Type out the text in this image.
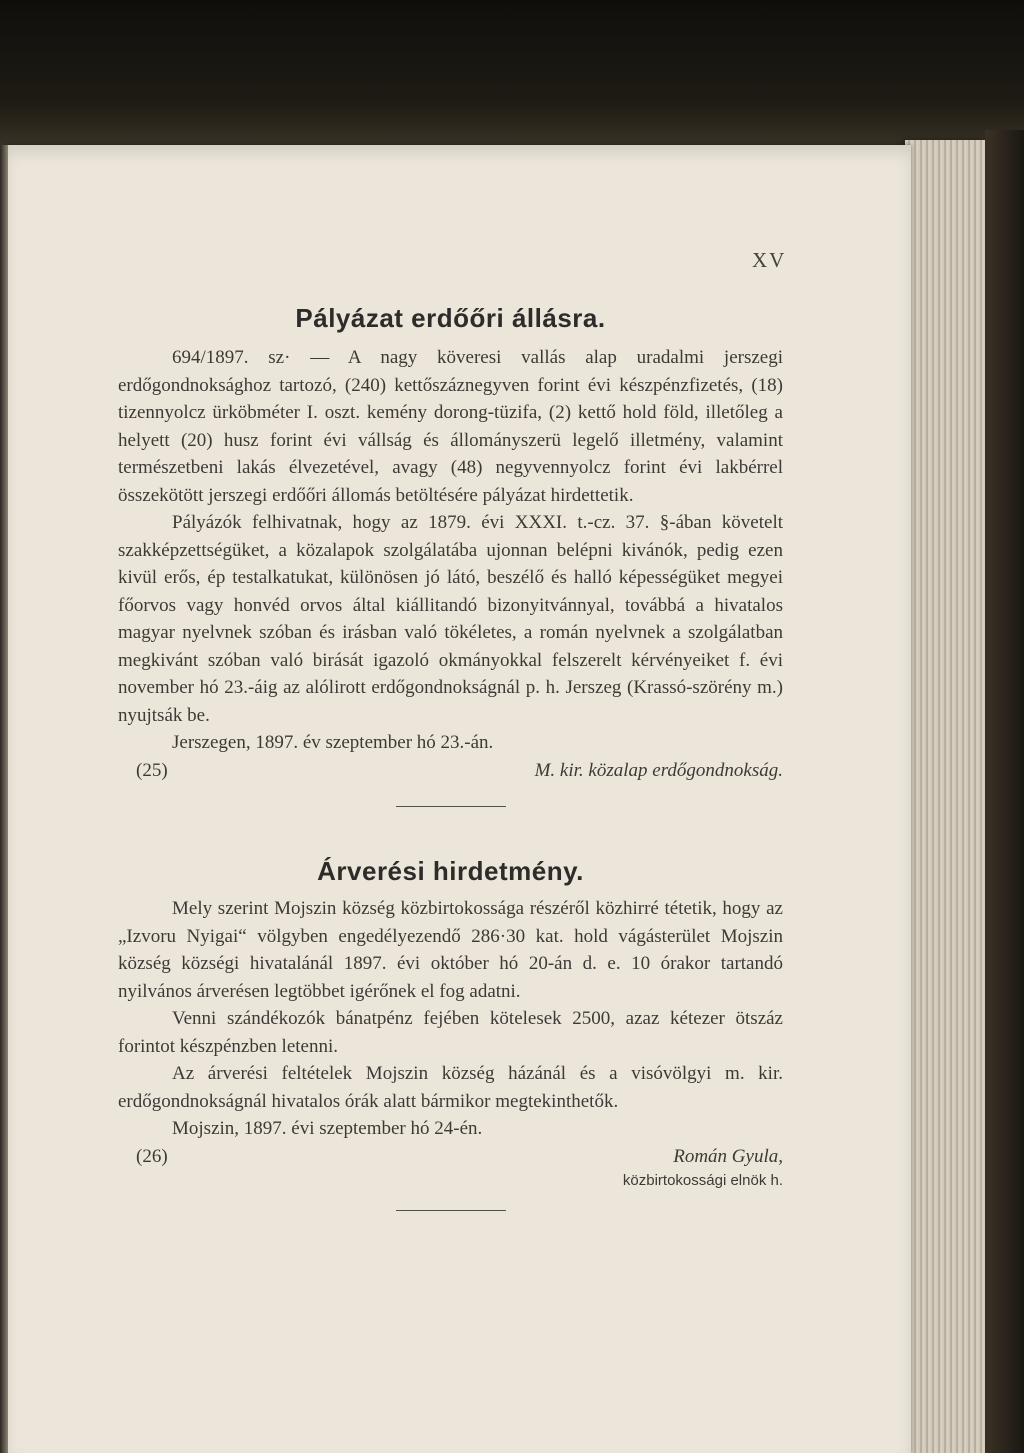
XV
Pályázat erdőőri állásra.

694/1897. sz· — A nagy köveresi vallás alap uradalmi jerszegi erdőgondnoksághoz tartozó, (240) kettőszáznegyven forint évi készpénzfizetés, (18) tizennyolcz ürköbméter I. oszt. kemény dorong-tüzifa, (2) kettő hold föld, illetőleg a helyett (20) husz forint évi vállság és állományszerü legelő illetmény, valamint természetbeni lakás élvezetével, avagy (48) negyvennyolcz forint évi lakbérrel összekötött jerszegi erdőőri állomás betöltésére pályázat hirdettetik.

Pályázók felhivatnak, hogy az 1879. évi XXXI. t.-cz. 37. §-ában követelt szakképzettségüket, a közalapok szolgálatába ujonnan belépni kivánók, pedig ezen kivül erős, ép testalkatukat, különösen jó látó, beszélő és halló képességüket megyei főorvos vagy honvéd orvos által kiállitandó bizonyitvánnyal, továbbá a hivatalos magyar nyelvnek szóban és irásban való tökéletes, a román nyelvnek a szolgálatban megkivánt szóban való birását igazoló okmányokkal felszerelt kérvényeiket f. évi november hó 23.-áig az alólirott erdőgondnokságnál p. h. Jerszeg (Krassó-szörény m.) nyujtsák be.

Jerszegen, 1897. év szeptember hó 23.-án.

(25)	M. kir. közalap erdőgondnokság.
Árverési hirdetmény.

Mely szerint Mojszin község közbirtokossága részéről közhirré tétetik, hogy az „Izvoru Nyigai“ völgyben engedélyezendő 286·30 kat. hold vágásterület Mojszin község községi hivatalánál 1897. évi október hó 20-án d. e. 10 órakor tartandó nyilvános árverésen legtöbbet igérőnek el fog adatni.

Venni szándékozók bánatpénz fejében kötelesek 2500, azaz kétezer ötszáz forintot készpénzben letenni.

Az árverési feltételek Mojszin község házánál és a visóvölgyi m. kir. erdőgondnokságnál hivatalos órák alatt bármikor megtekinthetők.

Mojszin, 1897. évi szeptember hó 24-én.

(26)	Román Gyula,
közbirtokossági elnök h.
